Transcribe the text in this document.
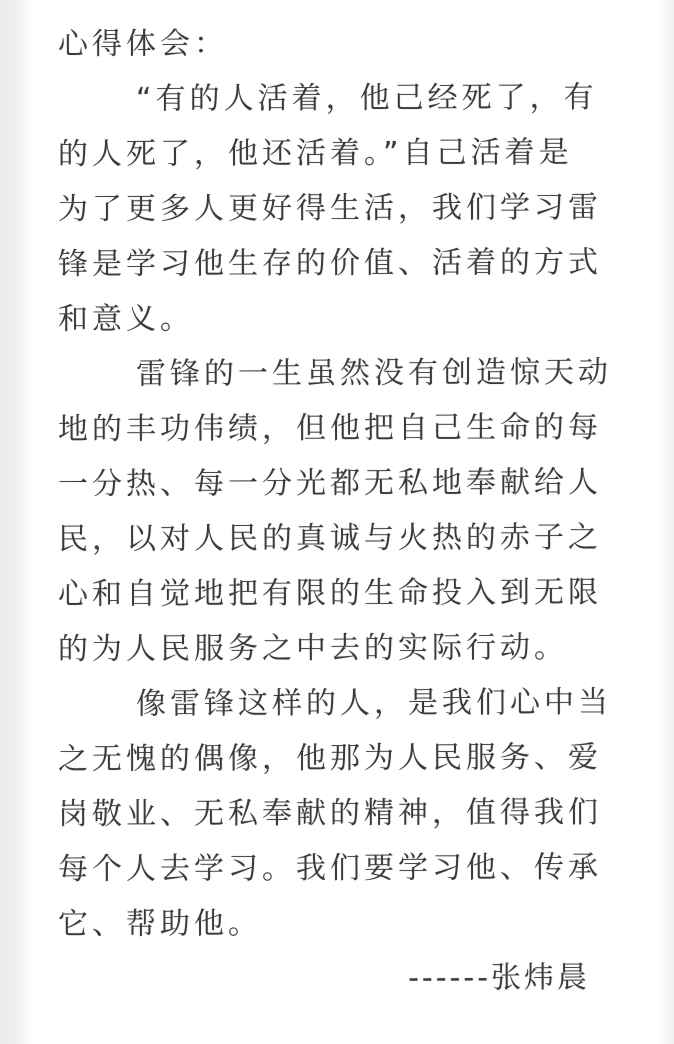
心得体会：
“有的人活着，他己经死了，有
的人死了，他还活着。”自己活着是
为了更多人更好得生活，我们学习雷
锋是学习他生存的价值、活着的方式
和意义。
雷锋的一生虽然没有创造惊天动
地的丰功伟绩，但他把自己生命的每
一分热、每一分光都无私地奉献给人
民，以对人民的真诚与火热的赤子之
心和自觉地把有限的生命投入到无限
的为人民服务之中去的实际行动。
像雷锋这样的人，是我们心中当
之无愧的偶像，他那为人民服务、爱
岗敬业、无私奉献的精神，值得我们
每个人去学习。我们要学习他、传承
它、帮助他。
------张炜晨
